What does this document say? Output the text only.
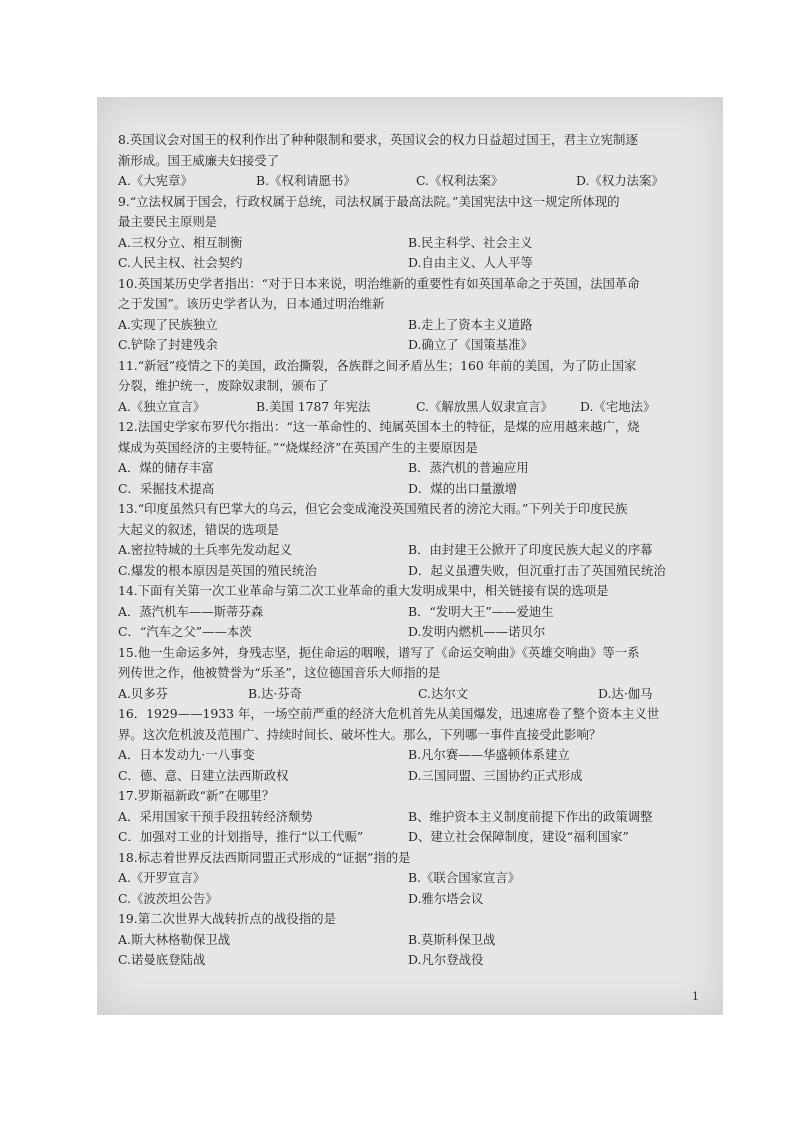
8.英国议会对国王的权利作出了种种限制和要求，英国议会的权力日益超过国王，君主立宪制逐

渐形成。国王威廉夫妇接受了

A.《大宪章》	B.《权利请愿书》	C.《权利法案》	D.《权力法案》

9.“立法权属于国会，行政权属于总统，司法权属于最高法院。”美国宪法中这一规定所体现的

最主要民主原则是

A.三权分立、相互制衡	B.民主科学、社会主义
C.人民主权、社会契约	D.自由主义、人人平等

10.英国某历史学者指出：“对于日本来说，明治维新的重要性有如英国革命之于英国，法国革命

之于发国”。该历史学者认为，日本通过明治维新

A.实现了民族独立	B.走上了资本主义道路
C.铲除了封建残余	D.确立了《国策基准》

11.“新冠”疫情之下的美国，政治撕裂，各族群之间矛盾丛生；160 年前的美国，为了防止国家

分裂，维护统一，废除奴隶制，颁布了

A.《独立宣言》	B.美国 1787 年宪法	C.《解放黑人奴隶宣言》	D.《宅地法》

12.法国史学家布罗代尔指出：“这一革命性的、纯属英国本土的特征，是煤的应用越来越广，烧

煤成为英国经济的主要特征。”“烧煤经济”在英国产生的主要原因是

A．煤的储存丰富	B．蒸汽机的普遍应用
C．采掘技术提高	D．煤的出口量激增

13.“印度虽然只有巴掌大的乌云，但它会变成淹没英国殖民者的滂沱大雨。”下列关于印度民族

大起义的叙述，错误的选项是

A.密拉特城的土兵率先发动起义	B．由封建王公掀开了印度民族大起义的序幕
C.爆发的根本原因是英国的殖民统治	D．起义虽遭失败，但沉重打击了英国殖民统治

14.下面有关第一次工业革命与第二次工业革命的重大发明成果中，相关链接有误的选项是

A．蒸汽机车——斯蒂芬森	B．“发明大王”——爱迪生
C．“汽车之父”——本茨	D.发明内燃机——诺贝尔

15.他一生命运多舛，身残志坚，扼住命运的咽喉，谱写了《命运交响曲》《英雄交响曲》等一系

列传世之作，他被赞誉为“乐圣”，这位德国音乐大师指的是

A.贝多芬	B.达·芬奇	C.达尔文	D.达·伽马

16．1929——1933 年，一场空前严重的经济大危机首先从美国爆发，迅速席卷了整个资本主义世

界。这次危机波及范围广、持续时间长、破坏性大。那么，下列哪一事件直接受此影响？

A．日本发动九·一八事变	B.凡尔赛——华盛顿体系建立
C．德、意、日建立法西斯政权	D.三国同盟、三国协约正式形成

17.罗斯福新政“新”在哪里？

A．采用国家干预手段扭转经济颓势	B、维护资本主义制度前提下作出的政策调整
C．加强对工业的计划指导，推行“以工代赈”	D、建立社会保障制度，建设“福利国家”

18.标志着世界反法西斯同盟正式形成的“证据”指的是

A.《开罗宣言》	B.《联合国家宣言》
C.《波茨坦公告》	D.雅尔塔会议

19.第二次世界大战转折点的战役指的是

A.斯大林格勒保卫战	B.莫斯科保卫战
C.诺曼底登陆战	D.凡尔登战役
1
